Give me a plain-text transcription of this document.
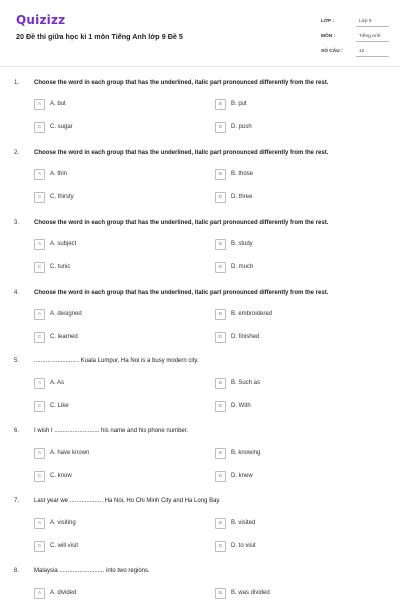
Quizizz
20 Đề thi giữa học kì 1 môn Tiếng Anh lớp 9 Đề 5
LỚP :	Lớp 9
MÔN :	Tiếng Anh
SỐ CÂU :	12
1. Choose the word in each group that has the underlined, italic part pronounced differently from the rest.
A	A. but	B	B. put
C	C. sugar	D	D. push
2. Choose the word in each group that has the underlined, italic part pronounced differently from the rest.
A	A. thin	B	B. those
C	C. thirsty	D	D. three
3. Choose the word in each group that has the underlined, italic part pronounced differently from the rest.
A	A. subject	B	B. study
C	C. tunic	D	D. much
4. Choose the word in each group that has the underlined, italic part pronounced differently from the rest.
A	A. designed	B	B. embroidered
C	C. learned	D	D. finished
5. ........................... Kuala Lumpur, Ha Noi is a busy modern city.
A	A. As	B	B. Such as
C	C. Like	D	D. With
6. I wish I ........................... his name and his phone number.
A	A. have known	B	B. knowing
C	C. know	D	D. knew
7. Last year we .................... Ha Noi, Ho Chi Minh City and Ha Long Bay.
A	A. visiting	B	B. visited
C	C. will visit	D	D. to visit
8. Malaysia ........................... into two regions.
A	A. divided	B	B. was divided
